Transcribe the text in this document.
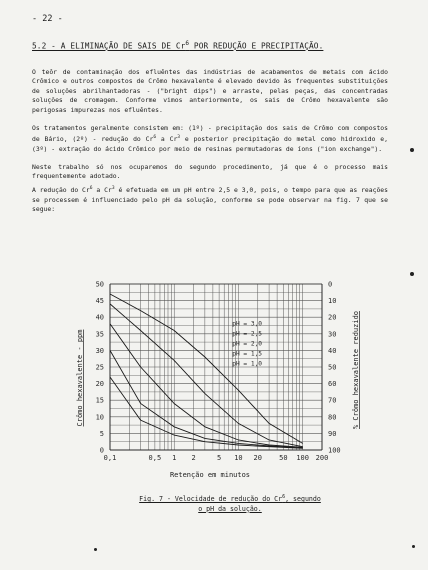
- 22 -
5.2 - A ELIMINAÇÃO DE SAIS DE Cr$^6$ POR REDUÇÃO E PRECIPITAÇÃO.

O teôr de contaminação dos efluêntes das indústrias de acabamentos de metais com ácido Crômico e outros compostos de Crômo hexavalente é elevado devido às frequentes substituições de soluções abrilhantadoras - ("bright dips") e arraste, pelas peças, das concentradas soluções de cromagem. Conforme vimos anteriormente, os sais de Crômo hexavalente são perigosas impurezas nos efluêntes.

Os tratamentos geralmente consistem em: (1º) - precipitação dos sais de Crômo com compostos de Bário, (2º) - redução do Cr$^6$ a Cr$^3$ e posterior precipitação do metal como hidroxido e, (3º) - extração do ácido Crômico por meio de resinas permutadoras de íons ("ion exchange").

Neste trabalho só nos ocuparemos do segundo procedimento, já que é o processo mais frequentemente adotado.

A redução do Cr$^6$ a Cr$^3$ é efetuada em um pH entre 2,5 e 3,0, pois, o tempo para que as reações se processem é influenciado pelo pH da solução, conforme se pode observar na fig. 7 que se segue:

pH = 3,0
pH = 2,5
pH = 2,0
pH = 1,5
pH = 1,0
0
5
10
15
20
25
30
35
40
45
50
100
90
80
70
60
50
40
30
20
10
0
0,1	0,5 1 2	5 10 20 50 100 200
Crômo hexavalente - ppm	% Crômo hexavalente reduzido
Retenção em minutos
Fig. 7 - Velocidade de redução do Cr$^6$, segundo
o pH da solução.
